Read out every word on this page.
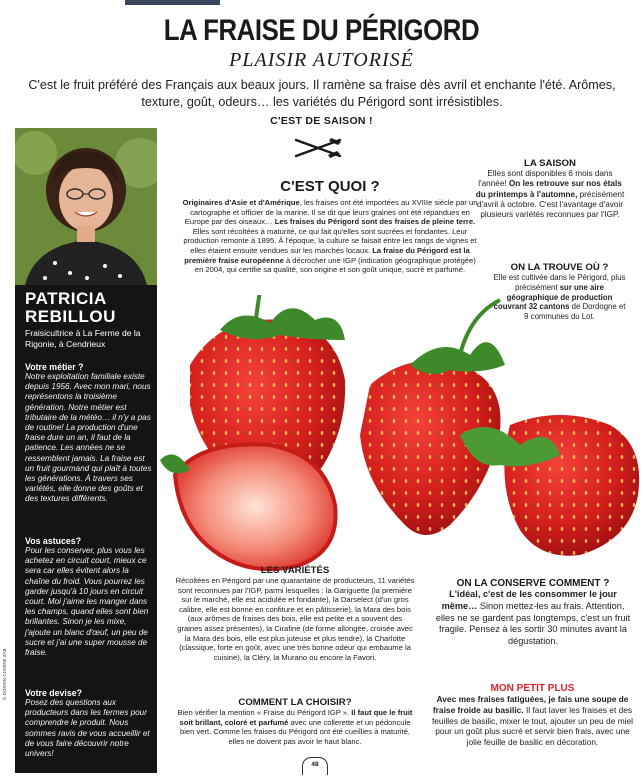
LA FRAISE DU PÉRIGORD
PLAISIR AUTORISÉ
C'est le fruit préféré des Français aux beaux jours. Il ramène sa fraise dès avril et enchante l'été. Arômes, texture, goût, odeurs… les variétés du Périgord sont irrésistibles.
C'EST DE SAISON !
PATRICIA
REBILLOU
Fraisicultrice à La Ferme de la Rigonie, à Cendrieux
Votre métier ?
Notre exploitation familiale existe depuis 1956. Avec mon mari, nous représentons la troisième génération. Notre métier est tributaire de la météo… il n'y a pas de routine! La production d'une fraise dure un an, il faut de la patience. Les années ne se ressemblent jamais. La fraise est un fruit gourmand qui plaît à toutes les générations. À travers ses variétés, elle donne des goûts et des textures différents.
Vos astuces?
Pour les conserver, plus vous les achetez en circuit court, mieux ce sera car elles évitent alors la chaîne du froid. Vous pourrez les garder jusqu'à 10 jours en circuit court. Moi j'aime les manger dans les champs, quand elles sont bien brillantes. Sinon je les mixe, j'ajoute un blanc d'œuf, un peu de sucre et j'ai une super mousse de fraise.
Votre devise?
Posez des questions aux producteurs dans les fermes pour comprendre le produit. Nous sommes ravis de vous accueillir et de vous faire découvrir notre univers!
© DORIAN CUISINE ZAB
C'EST QUOI ?
Originaires d'Asie et d'Amérique, les fraises ont été importées au XVIIIe siècle par un cartographe et officier de la marine. Il se dit que leurs graines ont été répandues en Europe par des oiseaux… Les fraises du Périgord sont des fraises de pleine terre. Elles sont récoltées à maturité, ce qui fait qu'elles sont sucrées et fondantes. Leur production remonte à 1895. À l'époque, la culture se faisait entre les rangs de vignes et elles étaient ensuite vendues sur les marchés locaux. La fraise du Périgord est la première fraise européenne à décrocher une IGP (indication géographique protégée) en 2004, qui certifie sa qualité, son origine et son goût unique, sucré et parfumé.
LA SAISON
Elles sont disponibles 6 mois dans l'année! On les retrouve sur nos étals du printemps à l'automne, précisément d'avril à octobre. C'est l'avantage d'avoir plusieurs variétés reconnues par l'IGP.
ON LA TROUVE OÙ ?
Elle est cultivée dans le Périgord, plus précisément sur une aire géographique de production couvrant 32 cantons de Dordogne et 9 communes du Lot.
LES VARIÉTÉS
Récoltées en Périgord par une quarantaine de producteurs, 11 variétés sont reconnues par l'IGP, parmi lesquelles : la Gariguette (la première sur le marché, elle est acidulée et fondante), la Darselect (d'un gros calibre, elle est bonne en confiture et en pâtisserie), la Mara des bois (aux arômes de fraises des bois, elle est petite et a souvent des graines assez présentes), la Cirafine (de forme allongée, croisée avec la Mara des bois, elle est plus juteuse et plus tendre), la Charlotte (classique, forte en goût, avec une très bonne odeur qui embaume la cuisine), la Cléry, la Murano ou encore la Favori.
COMMENT LA CHOISIR?
Bien vérifier la mention « Fraise du Périgord IGP ». Il faut que le fruit soit brillant, coloré et parfumé avec une collerette et un pédoncule bien vert. Comme les fraises du Périgord ont été cueillies à maturité, elles ne doivent pas avoir le haut blanc.
ON LA CONSERVE COMMENT ?
L'idéal, c'est de les consommer le jour même… Sinon mettez-les au frais. Attention, elles ne se gardent pas longtemps, c'est un fruit fragile. Pensez à les sortir 30 minutes avant la dégustation.
MON PETIT PLUS
Avec mes fraises fatiguées, je fais une soupe de fraise froide au basilic. Il faut laver les fraises et des feuilles de basilic, mixer le tout, ajouter un peu de miel pour un goût plus sucré et servir bien frais, avec une jolie feuille de basilic en décoration.
48
